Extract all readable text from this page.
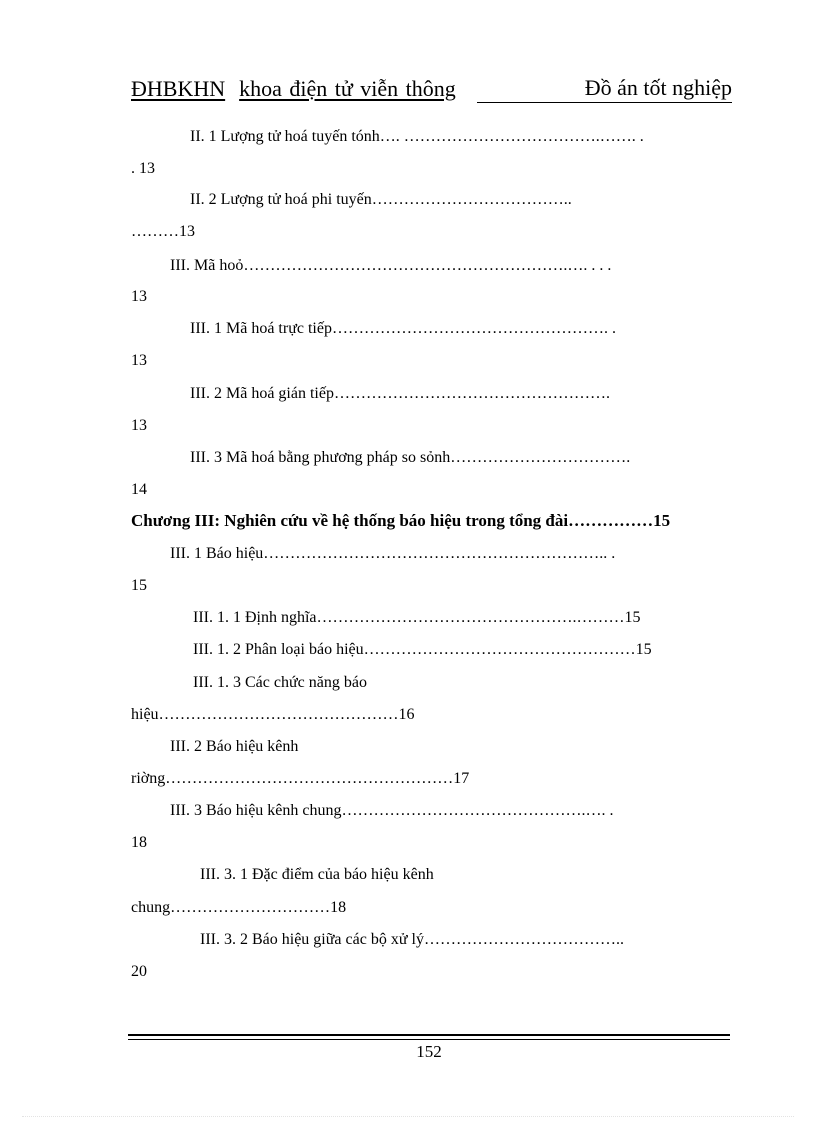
ĐHBKHN khoa điện tử viễn thông	Đồ án tốt nghiệp
II. 1 Lượng tử hoá tuyến tónh…. ……………………………….……. .
. 13
II. 2 Lượng tử hoá phi tuyến………………………………..
………13
III. Mã hoỏ…………………………………………………….…. . . .
13
III. 1 Mã hoá trực tiếp……………………………………………. .
13
III. 2 Mã hoá gián tiếp…………………………………………….
13
III. 3 Mã hoá bằng phương pháp so sỏnh…………………………….
14
Chương III: Nghiên cứu về hệ thống báo hiệu trong tổng đài……………15
III. 1 Báo hiệu……………………………………………………….. .
15
III. 1. 1 Định nghĩa………………………………………….………15
III. 1. 2 Phân loại báo hiệu……………………………………………15
III. 1. 3 Các chức năng báo
hiệu………………………………………16
III. 2 Báo hiệu kênh
riờng………………………………………………17
III. 3 Báo hiệu kênh chung……………………………………….…. .
18
III. 3. 1 Đặc điểm của báo hiệu kênh
chung…………………………18
III. 3. 2 Báo hiệu giữa các bộ xử lý………………………………..
20
152
